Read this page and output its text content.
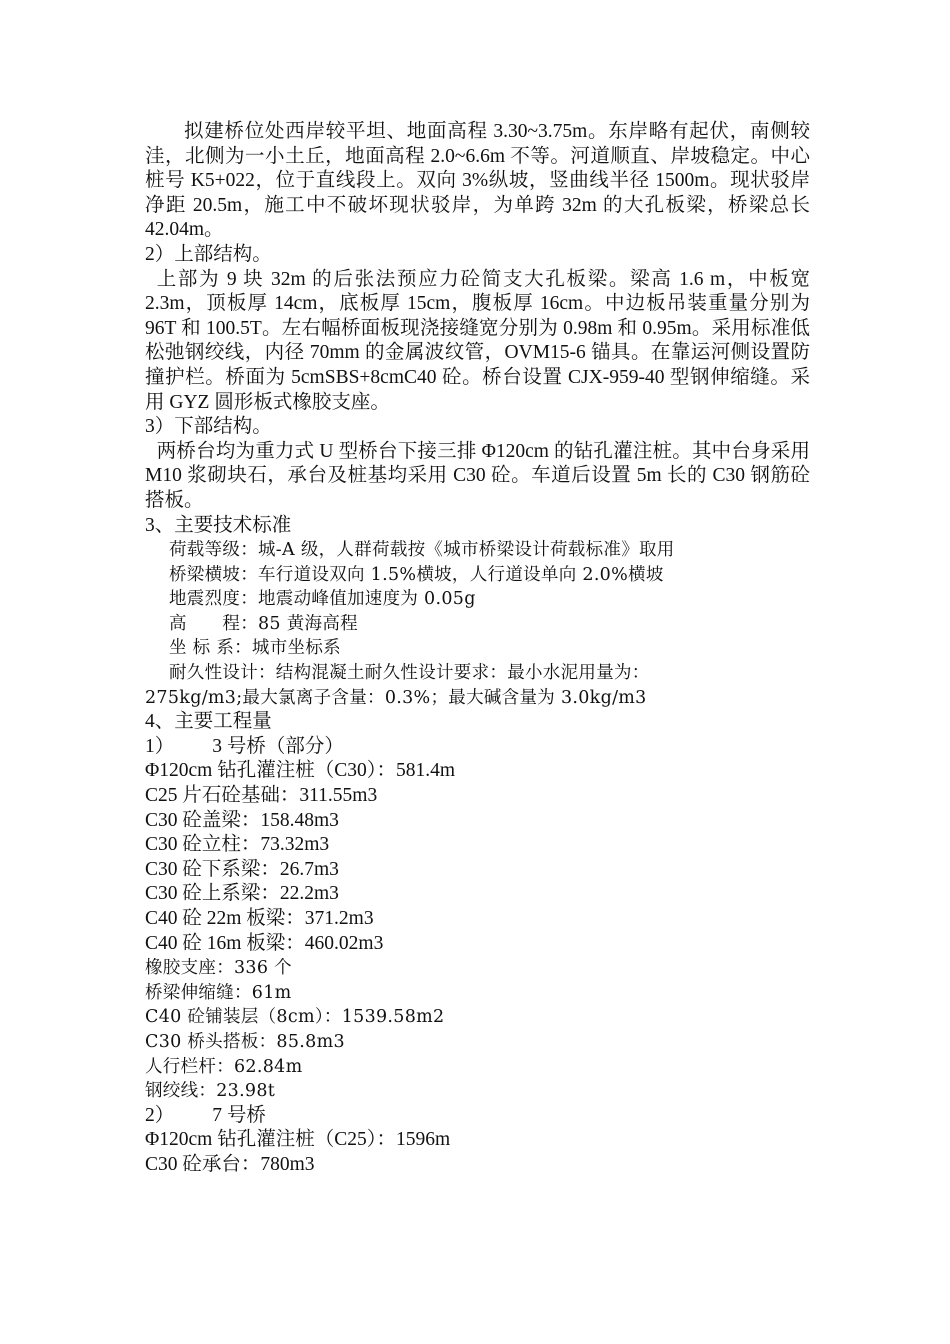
拟建桥位处西岸较平坦、地面高程 3.30~3.75m。东岸略有起伏，南侧较洼，北侧为一小土丘，地面高程 2.0~6.6m 不等。河道顺直、岸坡稳定。中心桩号 K5+022，位于直线段上。双向 3%纵坡，竖曲线半径 1500m。现状驳岸净距 20.5m，施工中不破坏现状驳岸，为单跨 32m 的大孔板梁，桥梁总长 42.04m。

2）上部结构。

上部为 9 块 32m 的后张法预应力砼简支大孔板梁。梁高 1.6 m，中板宽 2.3m，顶板厚 14cm，底板厚 15cm，腹板厚 16cm。中边板吊装重量分别为 96T 和 100.5T。左右幅桥面板现浇接缝宽分别为 0.98m 和 0.95m。采用标准低松弛钢绞线，内径 70mm 的金属波纹管，OVM15-6 锚具。在靠运河侧设置防撞护栏。桥面为 5cmSBS+8cmC40 砼。桥台设置 CJX-959-40 型钢伸缩缝。采用 GYZ 圆形板式橡胶支座。

3）下部结构。

两桥台均为重力式 U 型桥台下接三排 Φ120cm 的钻孔灌注桩。其中台身采用 M10 浆砌块石，承台及桩基均采用 C30 砼。车道后设置 5m 长的 C30 钢筋砼搭板。

3、主要技术标准

荷载等级：城-A 级，人群荷载按《城市桥梁设计荷载标准》取用

桥梁横坡：车行道设双向 1.5%横坡，人行道设单向 2.0%横坡

地震烈度：地震动峰值加速度为 0.05g

高　　程：85 黄海高程

坐 标 系：城市坐标系

耐久性设计：结构混凝土耐久性设计要求：最小水泥用量为：

275kg/m3;最大氯离子含量：0.3%；最大碱含量为 3.0kg/m3

4、主要工程量

1） 3 号桥（部分）

Φ120cm 钻孔灌注桩（C30）：581.4m

C25 片石砼基础：311.55m3

C30 砼盖梁：158.48m3

C30 砼立柱：73.32m3

C30 砼下系梁：26.7m3

C30 砼上系梁：22.2m3

C40 砼 22m 板梁：371.2m3

C40 砼 16m 板梁：460.02m3

橡胶支座：336 个

桥梁伸缩缝：61m

C40 砼铺装层（8cm）：1539.58m2

C30 桥头搭板：85.8m3

人行栏杆：62.84m

钢绞线：23.98t

2） 7 号桥

Φ120cm 钻孔灌注桩（C25）：1596m

C30 砼承台：780m3
